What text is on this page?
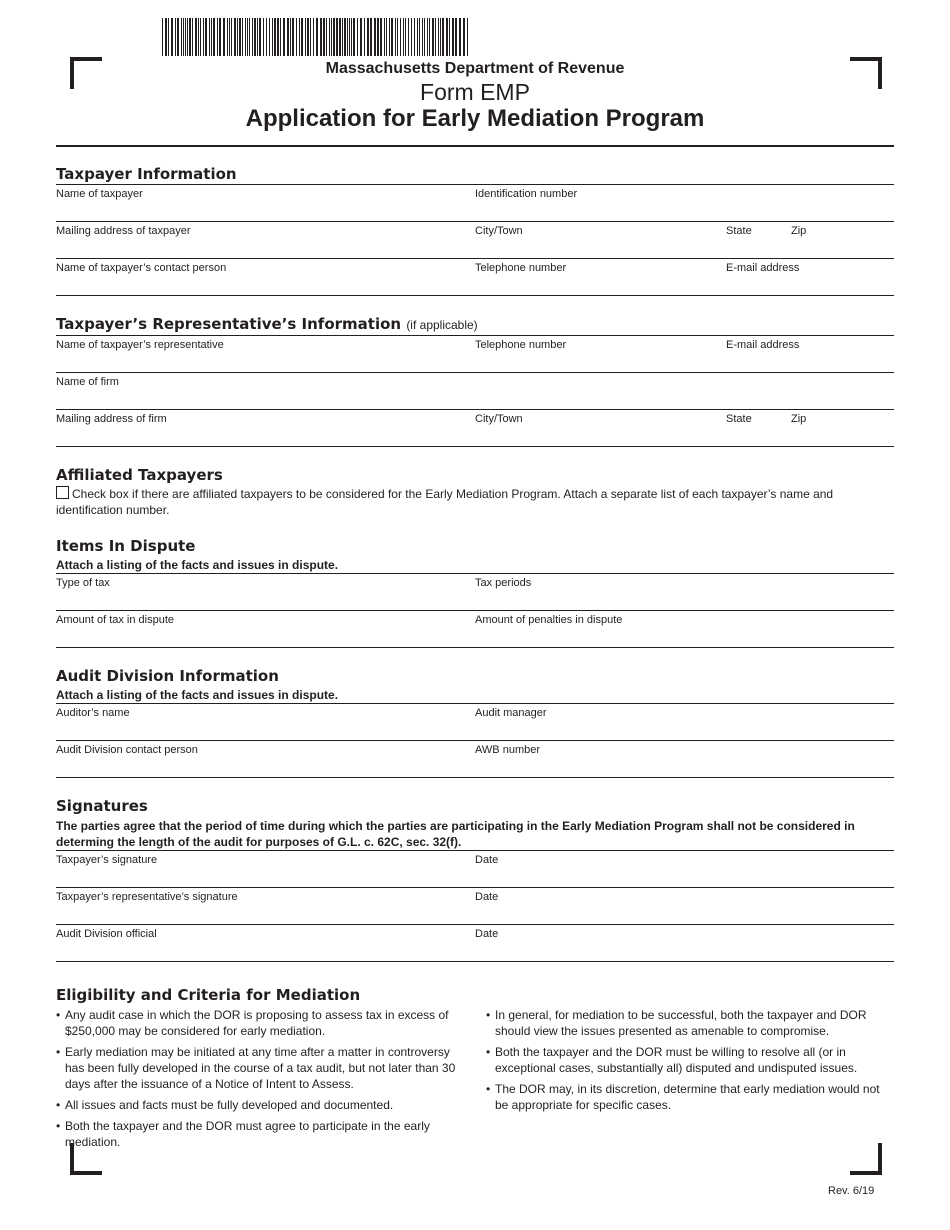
Massachusetts Department of Revenue
Form EMP
Application for Early Mediation Program
Taxpayer Information
Name of taxpayer	Identification number
Mailing address of taxpayer	City/Town	State	Zip
Name of taxpayer’s contact person	Telephone number	E-mail address
Taxpayer’s Representative’s Information (if applicable)
Name of taxpayer’s representative	Telephone number	E-mail address
Name of firm
Mailing address of firm	City/Town	State	Zip
Affiliated Taxpayers
Check box if there are affiliated taxpayers to be considered for the Early Mediation Program. Attach a separate list of each taxpayer’s name and identification number.
Items In Dispute
Attach a listing of the facts and issues in dispute.
Type of tax	Tax periods
Amount of tax in dispute	Amount of penalties in dispute
Audit Division Information
Attach a listing of the facts and issues in dispute.
Auditor’s name	Audit manager
Audit Division contact person	AWB number
Signatures
The parties agree that the period of time during which the parties are participating in the Early Mediation Program shall not be considered in determing the length of the audit for purposes of G.L. c. 62C, sec. 32(f).
Taxpayer’s signature	Date
Taxpayer’s representative’s signature	Date
Audit Division official	Date
Eligibility and Criteria for Mediation
• Any audit case in which the DOR is proposing to assess tax in excess of $250,000 may be considered for early mediation.
• Early mediation may be initiated at any time after a matter in controversy has been fully developed in the course of a tax audit, but not later than 30 days after the issuance of a Notice of Intent to Assess.
• All issues and facts must be fully developed and documented.
• Both the taxpayer and the DOR must agree to participate in the early mediation.
• In general, for mediation to be successful, both the taxpayer and DOR should view the issues presented as amenable to compromise.
• Both the taxpayer and the DOR must be willing to resolve all (or in exceptional cases, substantially all) disputed and undisputed issues.
• The DOR may, in its discretion, determine that early mediation would not be appropriate for specific cases.
Rev. 6/19
